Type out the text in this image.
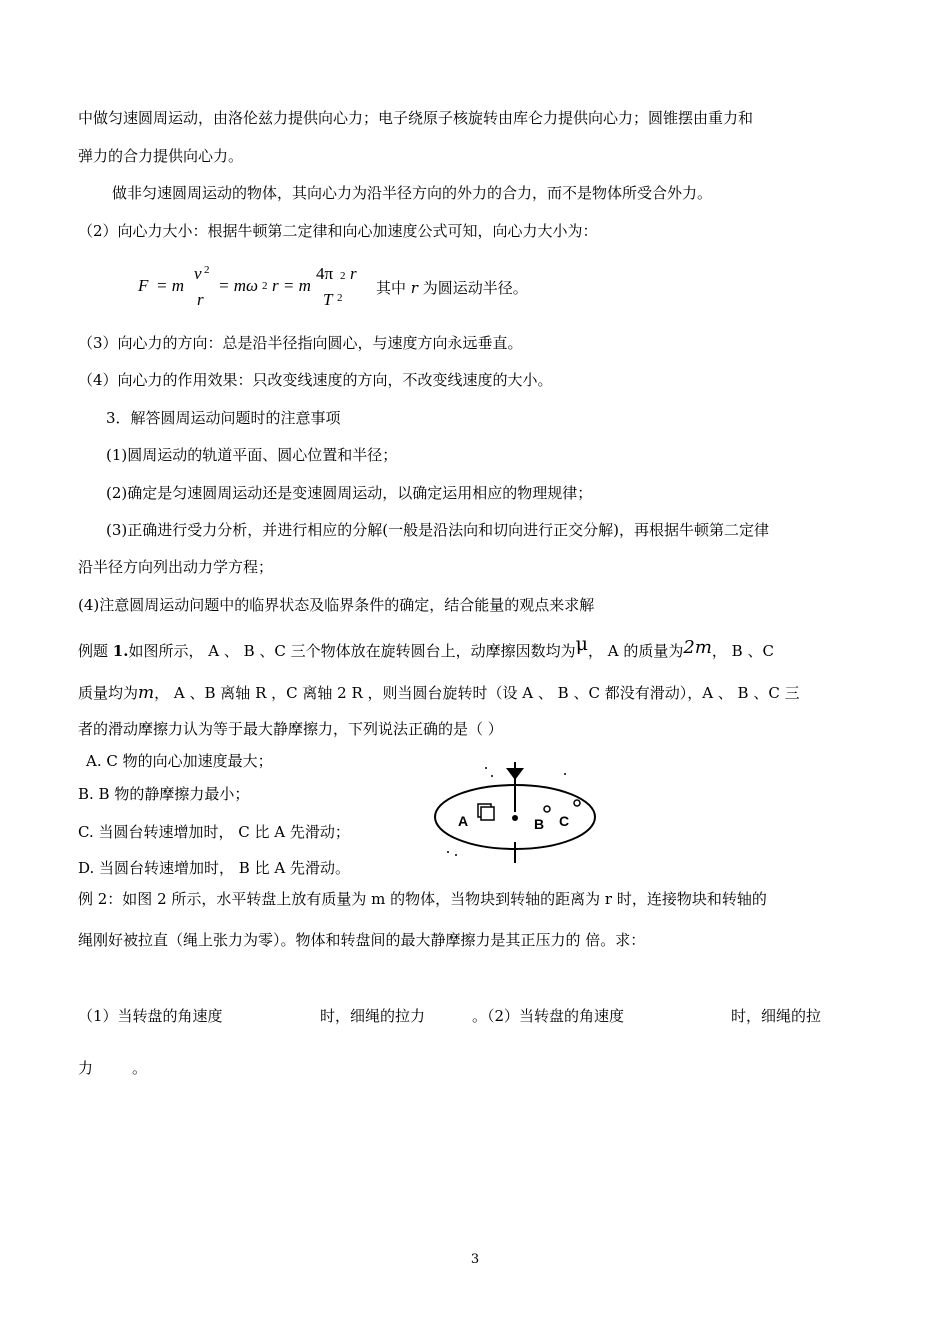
中做匀速圆周运动，由洛伦兹力提供向心力；电子绕原子核旋转由库仑力提供向心力；圆锥摆由重力和
弹力的合力提供向心力。
做非匀速圆周运动的物体，其向心力为沿半径方向的外力的合力，而不是物体所受合外力。
（2）向心力大小：根据牛顿第二定律和向心加速度公式可知，向心力大小为：
F = m
v 2
r
= mω 2 r = m
4π 2 r
T 2
其中 r 为圆运动半径。
（3）向心力的方向：总是沿半径指向圆心，与速度方向永远垂直。
（4）向心力的作用效果：只改变线速度的方向，不改变线速度的大小。
3．解答圆周运动问题时的注意事项
(1)圆周运动的轨道平面、圆心位置和半径；
(2)确定是匀速圆周运动还是变速圆周运动，以确定运用相应的物理规律；
(3)正确进行受力分析，并进行相应的分解(一般是沿法向和切向进行正交分解)，再根据牛顿第二定律
沿半径方向列出动力学方程；
(4)注意圆周运动问题中的临界状态及临界条件的确定，结合能量的观点来求解
例题 1.如图所示， A 、 B 、C 三个物体放在旋转圆台上，动摩擦因数均为μ， A 的质量为2m， B 、C
质量均为m， A 、B 离轴 R ，C 离轴 2 R ，则当圆台旋转时（设 A 、 B 、C 都没有滑动），A 、 B 、C 三
者的滑动摩擦力认为等于最大静摩擦力，下列说法正确的是（ ）
A. C 物的向心加速度最大；
B. B 物的静摩擦力最小；
C. 当圆台转速增加时， C 比 A 先滑动；
D. 当圆台转速增加时， B 比 A 先滑动。
A	B C
例 2：如图 2 所示，水平转盘上放有质量为 m 的物体，当物块到转轴的距离为 r 时，连接物块和转轴的
绳刚好被拉直（绳上张力为零）。物体和转盘间的最大静摩擦力是其正压力的 倍。求：
（1）当转盘的角速度	时，细绳的拉力	。（2）当转盘的角速度	时，细绳的拉
力	。
3
